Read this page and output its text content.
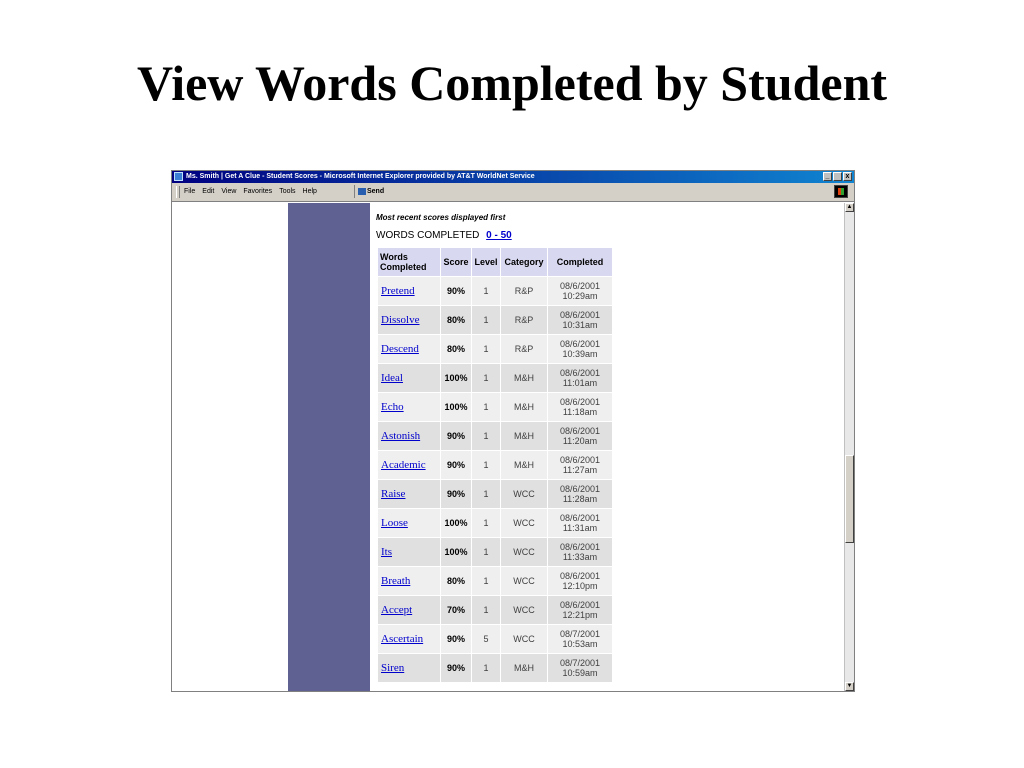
View Words Completed by Student
Ms. Smith | Get A Clue - Student Scores - Microsoft Internet Explorer provided by AT&T WorldNet Service	_ x
File Edit View Favorites Tools Help	Send

Most recent scores displayed first

WORDS COMPLETED 0 - 50
Words Completed	Score	Level	Category	Completed
Pretend	90%	1	R&P	08/6/2001
10:29am
Dissolve	80%	1	R&P	08/6/2001
10:31am
Descend	80%	1	R&P	08/6/2001
10:39am
Ideal	100%	1	M&H	08/6/2001
11:01am
Echo	100%	1	M&H	08/6/2001
11:18am
Astonish	90%	1	M&H	08/6/2001
11:20am
Academic	90%	1	M&H	08/6/2001
11:27am
Raise	90%	1	WCC	08/6/2001
11:28am
Loose	100%	1	WCC	08/6/2001
11:31am
Its	100%	1	WCC	08/6/2001
11:33am
Breath	80%	1	WCC	08/6/2001
12:10pm
Accept	70%	1	WCC	08/6/2001
12:21pm
Ascertain	90%	5	WCC	08/7/2001
10:53am
Siren	90%	1	M&H	08/7/2001
10:59am
▲
▼
